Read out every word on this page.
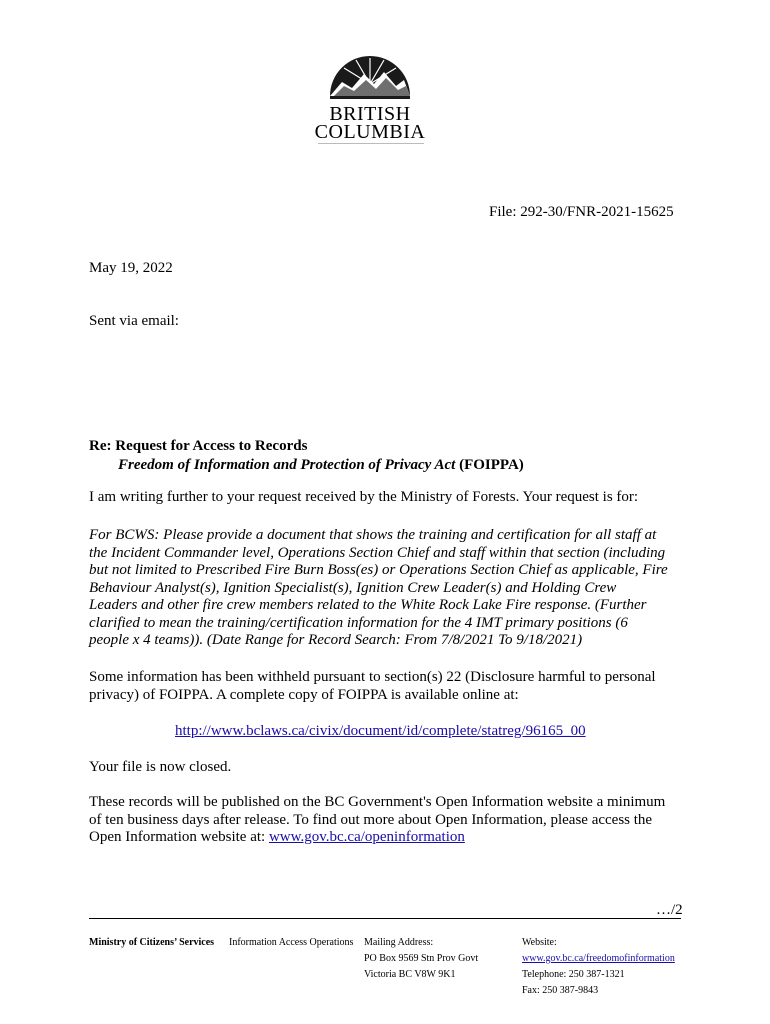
BRITISH
COLUMBIA
File: 292-30/FNR-2021-15625
May 19, 2022
Sent via email:
Re: Request for Access to Records
Freedom of Information and Protection of Privacy Act (FOIPPA)
I am writing further to your request received by the Ministry of Forests. Your request is for:
For BCWS: Please provide a document that shows the training and certification for all staff at
the Incident Commander level, Operations Section Chief and staff within that section (including
but not limited to Prescribed Fire Burn Boss(es) or Operations Section Chief as applicable, Fire
Behaviour Analyst(s), Ignition Specialist(s), Ignition Crew Leader(s) and Holding Crew
Leaders and other fire crew members related to the White Rock Lake Fire response. (Further
clarified to mean the training/certification information for the 4 IMT primary positions (6
people x 4 teams)). (Date Range for Record Search: From 7/8/2021 To 9/18/2021)
Some information has been withheld pursuant to section(s) 22 (Disclosure harmful to personal
privacy) of FOIPPA. A complete copy of FOIPPA is available online at:
http://www.bclaws.ca/civix/document/id/complete/statreg/96165_00
Your file is now closed.
These records will be published on the BC Government's Open Information website a minimum
of ten business days after release. To find out more about Open Information, please access the
Open Information website at: www.gov.bc.ca/openinformation
…/2
Ministry of Citizens’ Services Information Access Operations Mailing Address:
PO Box 9569 Stn Prov Govt
Victoria BC V8W 9K1
Website:
www.gov.bc.ca/freedomofinformation
Telephone: 250 387-1321
Fax: 250 387-9843
